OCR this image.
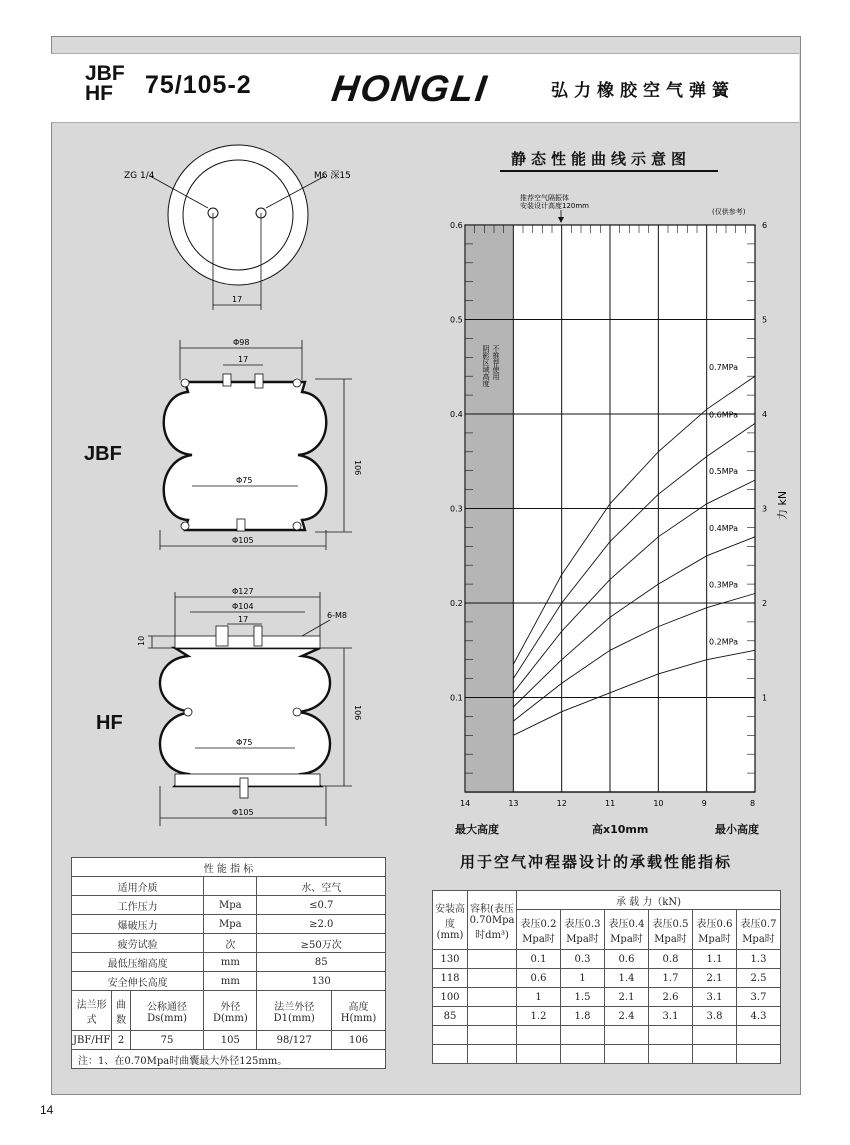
JBF
HF	75/105-2 HONGLI	弘力橡胶空气弹簧
ZG 1/4	M6 深15
17
Φ98
17
Φ75
Φ105
106
Φ127
Φ104
17	6-M8
10
Φ75
Φ105
106
JBF
HF
静态性能曲线示意图
14	13	12	11	10	9	8
0.1	1
0.2	2
0.3	3
0.4	4
0.5	5
0.6	6
0.2MPa
0.3MPa
0.4MPa
0.5MPa
0.6MPa
0.7MPa
推荐空气隔振体
安装设计高度120mm
(仅供参考)
不推荐使用
阴影区域高度
力 kN
最大高度	高x10mm	最小高度
性 能 指 标					
适用介质				水、空气	
工作压力			Mpa	≤0.7	
爆破压力			Mpa	≥2.0	
疲劳试验			次	≥50万次	
最低压缩高度			mm	85	
安全伸长高度			mm	130	
法兰形式	曲数	公称通径 Ds(mm)	外径 D(mm)	法兰外径 D1(mm)	高度 H(mm)
JBF/HF	2	75	105	98/127	106
注：1、在0.70Mpa时曲囊最大外径125mm。					
用于空气冲程器设计的承载性能指标
安装高度(mm)	容积(表压0.70Mpa时dm³)	承 载 力（kN)					
		表压0.2 Mpa时	表压0.3 Mpa时	表压0.4 Mpa时	表压0.5 Mpa时	表压0.6 Mpa时	表压0.7 Mpa时
130		0.1	0.3	0.6	0.8	1.1	1.3
118		0.6	1	1.4	1.7	2.1	2.5
100		1	1.5	2.1	2.6	3.1	3.7
85		1.2	1.8	2.4	3.1	3.8	4.3

14
